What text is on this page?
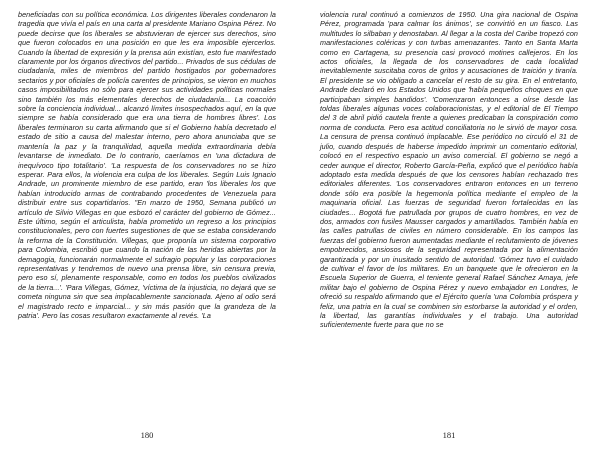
beneficiadas con su política económica. Los dirigentes liberales condenaron la tragedia que vivía el país en una carta al presidente Mariano Ospina Pérez. No puede decirse que los liberales se abstuvieran de ejercer sus derechos, sino que fueron colocados en una posición en que les era imposible ejercerlos. Cuando la libertad de expresión y la prensa aún existían, esto fue manifestado claramente por los órganos directivos del partido... Privados de sus cédulas de ciudadanía, miles de miembros del partido hostigados por gobernadores sectarios y por oficiales de policía carentes de principios, se vieron en muchos casos imposibilitados no sólo para ejercer sus actividades políticas normales sino también los más elementales derechos de ciudadanía... La coacción sobre la conciencia individual... alcanzó límites insospechados aquí, en la que siempre se había considerado que era una tierra de hombres libres'. Los liberales terminaron su carta afirmando que si el Gobierno había decretado el estado de sitio a causa del malestar interno, pero ahora anunciaba que se mantenía la paz y la tranquilidad, aquella medida extraordinaria debía levantarse de inmediato. De lo contrario, caeríamos en 'una dictadura de inequívoco tipo totalitario'. 'La respuesta de los conservadores no se hizo esperar. Para ellos, la violencia era culpa de los liberales. Según Luis Ignacio Andrade, un prominente miembro de ese partido, eran 'los liberales los que habían introducido armas de contrabando procedentes de Venezuela para distribuir entre sus copartidarios. "En marzo de 1950, Semana publicó un artículo de Silvio Villegas en que esbozó el carácter del gobierno de Gómez... Este último, según el articulista, había prometido un regreso a los principios constitucionales, pero con fuertes sugestiones de que se estaba considerando la reforma de la Constitución. Villegas, que proponía un sistema corporativo para Colombia, escribió que cuando la nación de las heridas abiertas por la demagogia, funcionarán normalmente el sufragio popular y las corporaciones representativas y tendremos de nuevo una prensa libre, sin censura previa, pero eso sí, plenamente responsable, como en todos los pueblos civilizados de la tierra...'. 'Para Villegas, Gómez, 'víctima de la injusticia, no dejará que se cometa ninguna sin que sea implacablemente sancionada. Ajeno al odio será el magistrado recto e imparcial... y sin más pasión que la grandeza de la patria'. Pero las cosas resultaron exactamente al revés. 'La

180

violencia rural continuó a comienzos de 1950. Una gira nacional de Ospina Pérez, programada 'para calmar los ánimos', se convirtió en un fiasco. Las multitudes lo silbaban y denostaban. Al llegar a la costa del Caribe tropezó con manifestaciones coléricas y con turbas amenazantes. Tanto en Santa Marta como en Cartagena, su presencia casi provocó motines callejeros. En los actos oficiales, la llegada de los conservadores de cada localidad inevitablemente suscitaba coros de gritos y acusaciones de traición y tiranía. El presidente se vio obligado a cancelar el resto de su gira. En el entretanto, Andrade declaró en los Estados Unidos que 'había pequeños choques en que participaban simples bandidos'. 'Comenzaron entonces a oírse desde las toldas liberales algunas voces colaboracionistas, y el editorial de El Tiempo del 3 de abril pidió cautela frente a quienes predicaban la conspiración como norma de conducta. Pero esa actitud conciliatoria no le sirvió de mayor cosa. La censura de prensa continuó implacable. Ese periódico no circuló el 31 de julio, cuando después de haberse impedido imprimir un comentario editorial, colocó en el respectivo espacio un aviso comercial. El gobierno se negó a ceder aunque el director, Roberto García-Peña, explicó que el periódico había adoptado esta medida después de que los censores habían rechazado tres editoriales diferentes. 'Los conservadores entraron entonces en un terreno donde sólo era posible la hegemonía política mediante el empleo de la maquinaria oficial. Las fuerzas de seguridad fueron fortalecidas en las ciudades... Bogotá fue patrullada por grupos de cuatro hombres, en vez de dos, armados con fusiles Mausser cargados y amartillados. También había en las calles patrullas de civiles en número considerable. En los campos las fuerzas del gobierno fueron aumentadas mediante el reclutamiento de jóvenes empobrecidos, ansiosos de la seguridad representada por la alimentación garantizada y por un inusitado sentido de autoridad. 'Gómez tuvo el cuidado de cultivar el favor de los militares. En un banquete que le ofrecieron en la Escuela Superior de Guerra, el teniente general Rafael Sánchez Amaya, jefe militar bajo el gobierno de Ospina Pérez y nuevo embajador en Londres, le ofreció su respaldo afirmando que el Ejército quería 'una Colombia próspera y feliz, una patria en la cual se combinen sin estorbarse la autoridad y el orden, la libertad, las garantías individuales y el trabajo. Una autoridad suficientemente fuerte para que no se

181
